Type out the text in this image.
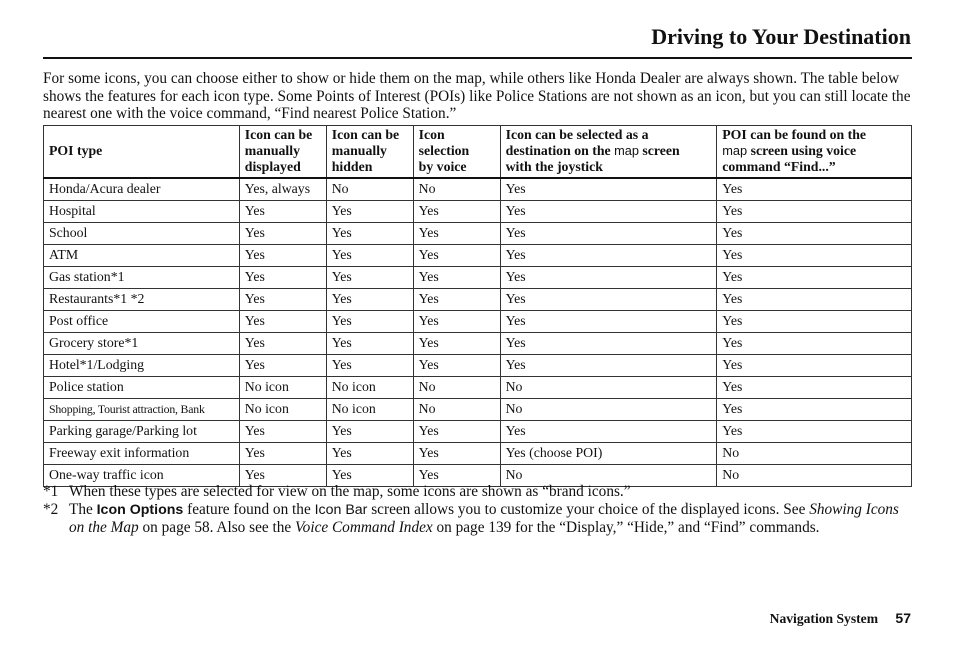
Driving to Your Destination

For some icons, you can choose either to show or hide them on the map, while others like Honda Dealer are always shown. The table below shows the features for each icon type. Some Points of Interest (POIs) like Police Stations are not shown as an icon, but you can still locate the nearest one with the voice command, “Find nearest Police Station.”

POI type	Icon can be
manually
displayed	Icon can be
manually
hidden	Icon
selection
by voice	Icon can be selected as a
destination on the map screen
with the joystick	POI can be found on the
map screen using voice
command “Find...”
Honda/Acura dealer	Yes, always	No	No	Yes	Yes
Hospital	Yes	Yes	Yes	Yes	Yes
School	Yes	Yes	Yes	Yes	Yes
ATM	Yes	Yes	Yes	Yes	Yes
Gas station*1	Yes	Yes	Yes	Yes	Yes
Restaurants*1 *2	Yes	Yes	Yes	Yes	Yes
Post office	Yes	Yes	Yes	Yes	Yes
Grocery store*1	Yes	Yes	Yes	Yes	Yes
Hotel*1/Lodging	Yes	Yes	Yes	Yes	Yes
Police station	No icon	No icon	No	No	Yes
Shopping, Tourist attraction, Bank	No icon	No icon	No	No	Yes
Parking garage/Parking lot	Yes	Yes	Yes	Yes	Yes
Freeway exit information	Yes	Yes	Yes	Yes (choose POI)	No
One-way traffic icon	Yes	Yes	Yes	No	No

*1 When these types are selected for view on the map, some icons are shown as “brand icons.”

*2 The Icon Options feature found on the Icon Bar screen allows you to customize your choice of the displayed icons. See Showing Icons on the Map on page 58. Also see the Voice Command Index on page 139 for the “Display,” “Hide,” and “Find” commands.

Navigation System 57
